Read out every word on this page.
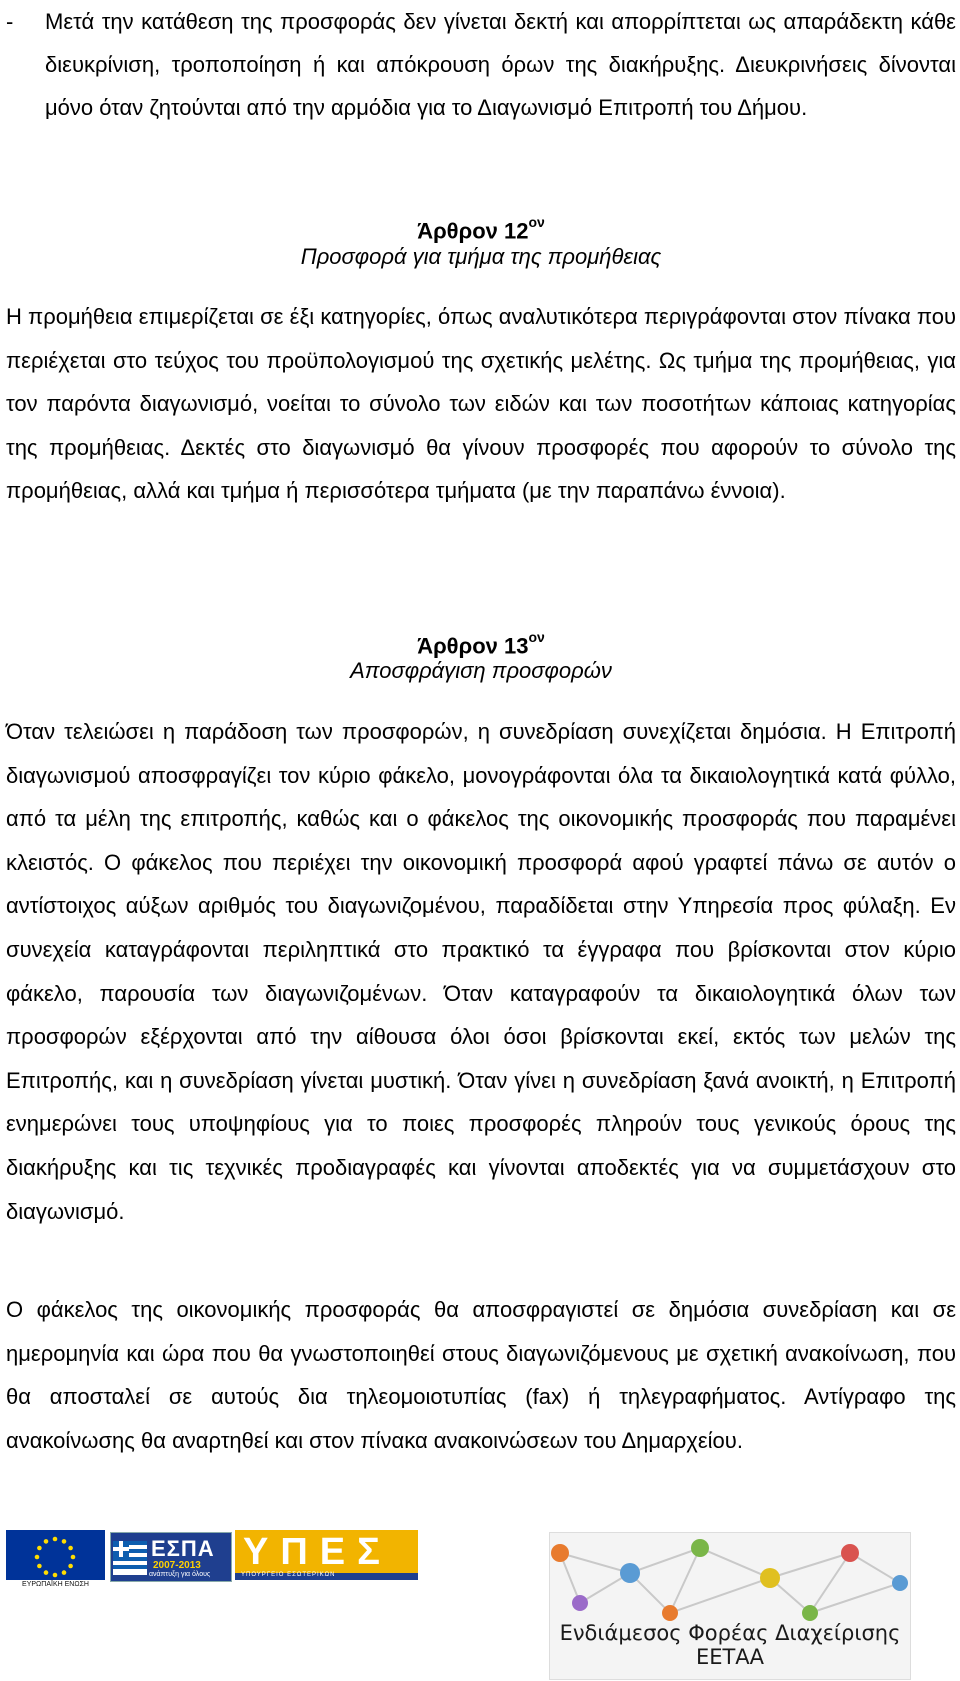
-	Μετά την κατάθεση της προσφοράς δεν γίνεται δεκτή και απορρίπτεται ως απαράδεκτη κάθε διευκρίνιση, τροποποίηση ή και απόκρουση όρων της διακήρυξης. Διευκρινήσεις δίνονται μόνο όταν ζητούνται από την αρμόδια για το Διαγωνισμό Επιτροπή του Δήμου.
Άρθρον $12^{o\nu}$
Προσφορά για τμήμα της προμήθειας

Η προμήθεια επιμερίζεται σε έξι κατηγορίες, όπως αναλυτικότερα περιγράφονται στον πίνακα που περιέχεται στο τεύχος του προϋπολογισμού της σχετικής μελέτης. Ως τμήμα της προμήθειας, για τον παρόντα διαγωνισμό, νοείται το σύνολο των ειδών και των ποσοτήτων κάποιας κατηγορίας της προμήθειας. Δεκτές στο διαγωνισμό θα γίνουν προσφορές που αφορούν το σύνολο της προμήθειας, αλλά και τμήμα ή περισσότερα τμήματα (με την παραπάνω έννοια).

Άρθρον $13^{o\nu}$
Αποσφράγιση προσφορών

Όταν τελειώσει η παράδοση των προσφορών, η συνεδρίαση συνεχίζεται δημόσια. Η Επιτροπή διαγωνισμού αποσφραγίζει τον κύριο φάκελο, μονογράφονται όλα τα δικαιολογητικά κατά φύλλο, από τα μέλη της επιτροπής, καθώς και ο φάκελος της οικονομικής προσφοράς που παραμένει κλειστός. Ο φάκελος που περιέχει την οικονομική προσφορά αφού γραφτεί πάνω σε αυτόν ο αντίστοιχος αύξων αριθμός του διαγωνιζομένου, παραδίδεται στην Υπηρεσία προς φύλαξη. Εν συνεχεία καταγράφονται περιληπτικά στο πρακτικό τα έγγραφα που βρίσκονται στον κύριο φάκελο, παρουσία των διαγωνιζομένων. Όταν καταγραφούν τα δικαιολογητικά όλων των προσφορών εξέρχονται από την αίθουσα όλοι όσοι βρίσκονται εκεί, εκτός των μελών της Επιτροπής, και η συνεδρίαση γίνεται μυστική. Όταν γίνει η συνεδρίαση ξανά ανοικτή, η Επιτροπή ενημερώνει τους υποψηφίους για το ποιες προσφορές πληρούν τους γενικούς όρους της διακήρυξης και τις τεχνικές προδιαγραφές και γίνονται αποδεκτές για να συμμετάσχουν στο διαγωνισμό.

Ο φάκελος της οικονομικής προσφοράς θα αποσφραγιστεί σε δημόσια συνεδρίαση και σε ημερομηνία και ώρα που θα γνωστοποιηθεί στους διαγωνιζόμενους με σχετική ανακοίνωση, που θα αποσταλεί σε αυτούς δια τηλεομοιοτυπίας (fax) ή τηλεγραφήματος. Αντίγραφο της ανακοίνωσης θα αναρτηθεί και στον πίνακα ανακοινώσεων του Δημαρχείου.

ΕΥΡΩΠΑΪΚΗ ΕΝΩΣΗ
ΕΣΠΑ
2007-2013
ανάπτυξη για όλους
ΥΠΕΣ
ΥΠΟΥΡΓΕΙΟ ΕΣΩΤΕΡΙΚΩΝ
Ενδιάμεσος Φορέας Διαχείρισης ΕΕΤΑΑ
